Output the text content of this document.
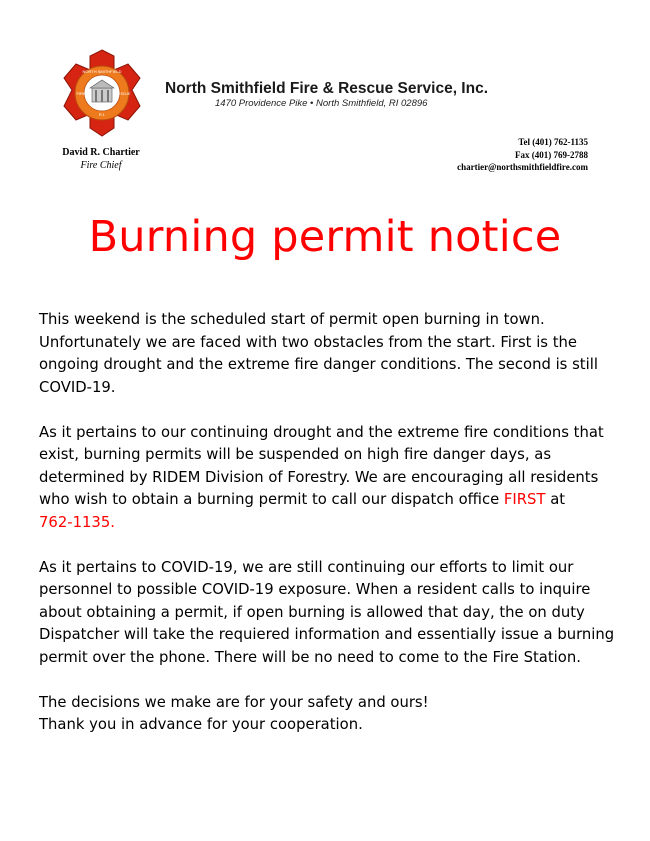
NORTH SMITHFIELD
FIRE	RESCUE
R.I.
North Smithfield Fire & Rescue Service, Inc.
1470 Providence Pike • North Smithfield, RI 02896
David R. Chartier
Fire Chief
Tel (401) 762-1135
Fax (401) 769-2788
chartier@northsmithfieldfire.com
Burning permit notice

This weekend is the scheduled start of permit open burning in town. Unfortunately we are faced with two obstacles from the start. First is the ongoing drought and the extreme fire danger conditions. The second is still COVID-19.

As it pertains to our continuing drought and the extreme fire conditions that exist, burning permits will be suspended on high fire danger days, as determined by RIDEM Division of Forestry. We are encouraging all residents who wish to obtain a burning permit to call our dispatch office FIRST at
762-1135.

As it pertains to COVID-19, we are still continuing our efforts to limit our personnel to possible COVID-19 exposure. When a resident calls to inquire about obtaining a permit, if open burning is allowed that day, the on duty Dispatcher will take the requiered information and essentially issue a burning permit over the phone. There will be no need to come to the Fire Station.

The decisions we make are for your safety and ours!
Thank you in advance for your cooperation.
